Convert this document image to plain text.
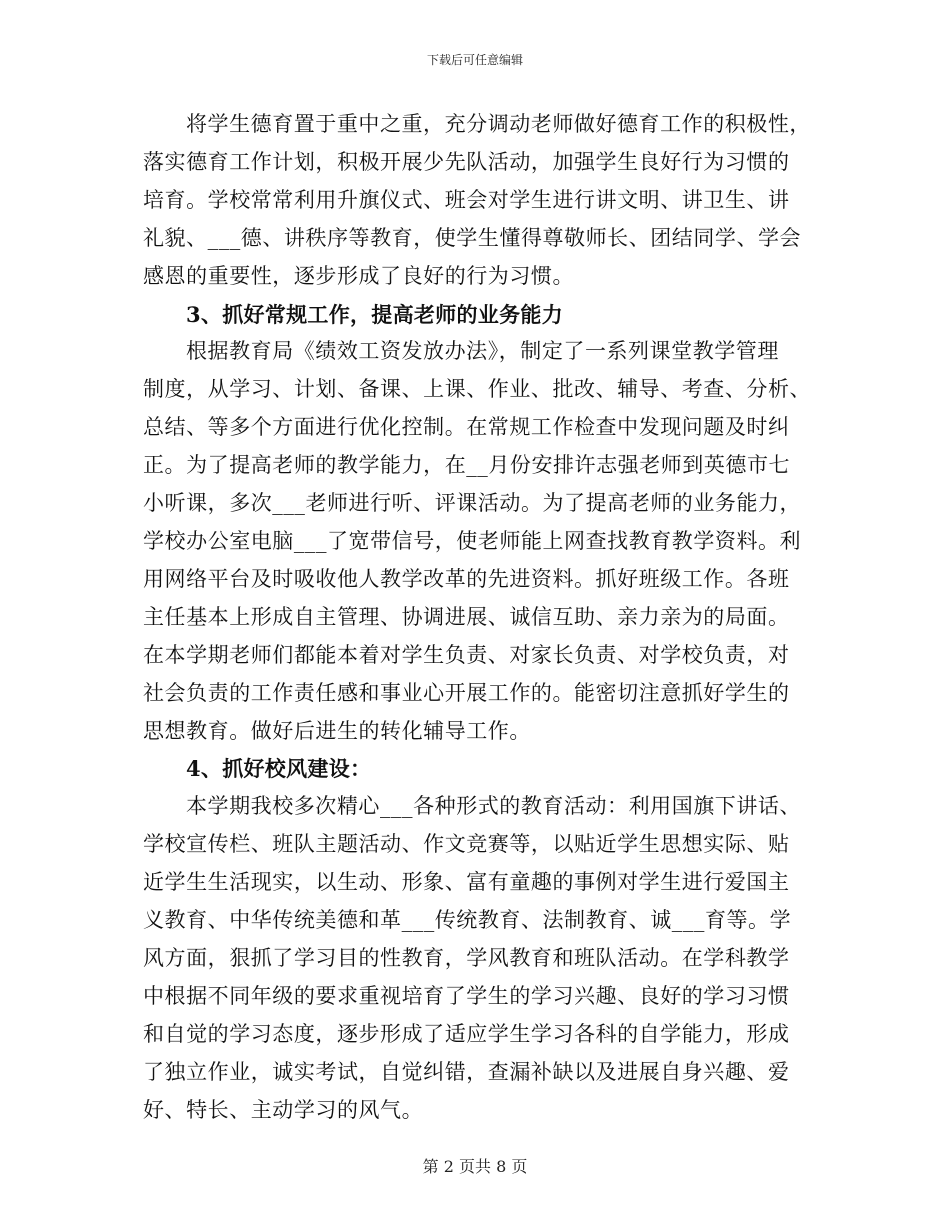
下载后可任意编辑
将学生德育置于重中之重，充分调动老师做好德育工作的积极性，
落实德育工作计划，积极开展少先队活动，加强学生良好行为习惯的
培育。学校常常利用升旗仪式、班会对学生进行讲文明、讲卫生、讲
礼貌、___德、讲秩序等教育，使学生懂得尊敬师长、团结同学、学会
感恩的重要性，逐步形成了良好的行为习惯。
3、抓好常规工作，提高老师的业务能力
根据教育局《绩效工资发放办法》，制定了一系列课堂教学管理
制度，从学习、计划、备课、上课、作业、批改、辅导、考查、分析、
总结、等多个方面进行优化控制。在常规工作检查中发现问题及时纠
正。为了提高老师的教学能力，在__月份安排许志强老师到英德市七
小听课，多次___老师进行听、评课活动。为了提高老师的业务能力，
学校办公室电脑___了宽带信号，使老师能上网查找教育教学资料。利
用网络平台及时吸收他人教学改革的先进资料。抓好班级工作。各班
主任基本上形成自主管理、协调进展、诚信互助、亲力亲为的局面。
在本学期老师们都能本着对学生负责、对家长负责、对学校负责，对
社会负责的工作责任感和事业心开展工作的。能密切注意抓好学生的
思想教育。做好后进生的转化辅导工作。
4、抓好校风建设：
本学期我校多次精心___各种形式的教育活动：利用国旗下讲话、
学校宣传栏、班队主题活动、作文竞赛等，以贴近学生思想实际、贴
近学生生活现实，以生动、形象、富有童趣的事例对学生进行爱国主
义教育、中华传统美德和革___传统教育、法制教育、诚___育等。学
风方面，狠抓了学习目的性教育，学风教育和班队活动。在学科教学
中根据不同年级的要求重视培育了学生的学习兴趣、良好的学习习惯
和自觉的学习态度，逐步形成了适应学生学习各科的自学能力，形成
了独立作业，诚实考试，自觉纠错，查漏补缺以及进展自身兴趣、爱
好、特长、主动学习的风气。
第 2 页共 8 页
